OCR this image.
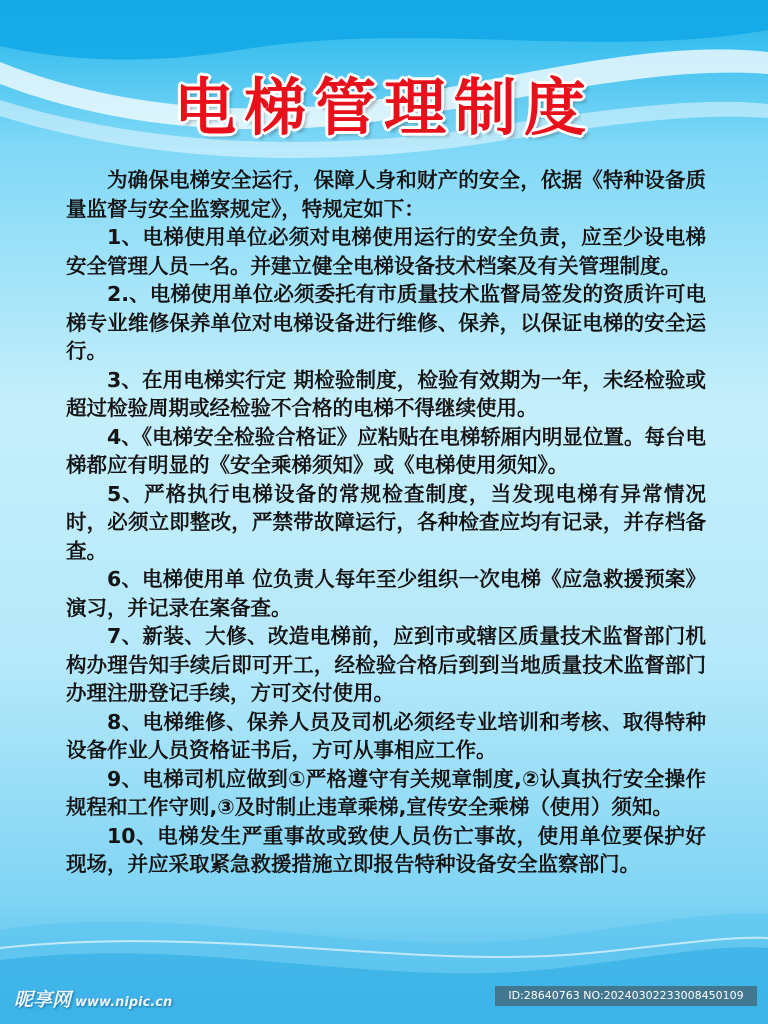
电梯管理制度

为确保电梯安全运行，保障人身和财产的安全，依据《特种设备质量监督与安全监察规定》，特规定如下：

1、电梯使用单位必须对电梯使用运行的安全负责，应至少设电梯安全管理人员一名。并建立健全电梯设备技术档案及有关管理制度。

2.、电梯使用单位必须委托有市质量技术监督局签发的资质许可电梯专业维修保养单位对电梯设备进行维修、保养，以保证电梯的安全运行。

3、在用电梯实行定 期检验制度，检验有效期为一年，未经检验或超过检验周期或经检验不合格的电梯不得继续使用。

4、《电梯安全检验合格证》应粘贴在电梯轿厢内明显位置。每台电梯都应有明显的《安全乘梯须知》或《电梯使用须知》。

5、严格执行电梯设备的常规检查制度，当发现电梯有异常情况时，必须立即整改，严禁带故障运行，各种检查应均有记录，并存档备查。

6、电梯使用单 位负责人每年至少组织一次电梯《应急救援预案》演习，并记录在案备查。

7、新装、大修、改造电梯前，应到市或辖区质量技术监督部门机构办理告知手续后即可开工，经检验合格后到到当地质量技术监督部门办理注册登记手续，方可交付使用。

8、电梯维修、保养人员及司机必须经专业培训和考核、取得特种设备作业人员资格证书后，方可从事相应工作。

9、电梯司机应做到①严格遵守有关规章制度,②认真执行安全操作规程和工作守则,③及时制止违章乘梯,宣传安全乘梯（使用）须知。

10、电梯发生严重事故或致使人员伤亡事故，使用单位要保护好现场，并应采取紧急救援措施立即报告特种设备安全监察部门。

昵享网 www.nipic.cn	ID:28640763 NO:20240302233008450109
